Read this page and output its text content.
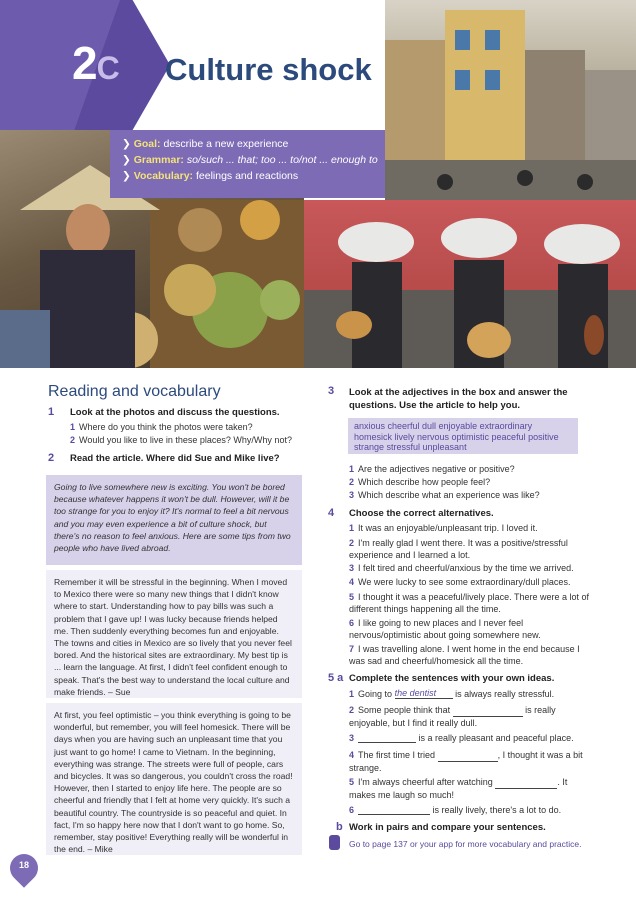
2C Culture shock
❯ Goal: describe a new experience
❯ Grammar: so/such ... that; too ... to/not ... enough to
❯ Vocabulary: feelings and reactions
Reading and vocabulary
1 Look at the photos and discuss the questions.
1 Where do you think the photos were taken?
2 Would you like to live in these places? Why/Why not?
2 Read the article. Where did Sue and Mike live?
Going to live somewhere new is exciting. You won't be bored because whatever happens it won't be dull. However, will it be too strange for you to enjoy it? It's normal to feel a bit nervous and you may even experience a bit of culture shock, but there's no reason to feel anxious. Here are some tips from two people who have lived abroad.
Remember it will be stressful in the beginning. When I moved to Mexico there were so many new things that I didn't know where to start. Understanding how to pay bills was such a problem that I gave up! I was lucky because friends helped me. Then suddenly everything becomes fun and enjoyable. The towns and cities in Mexico are so lively that you never feel bored. And the historical sites are extraordinary. My best tip is ... learn the language. At first, I didn't feel confident enough to speak. That's the best way to understand the local culture and make friends. – Sue
At first, you feel optimistic – you think everything is going to be wonderful, but remember, you will feel homesick. There will be days when you are having such an unpleasant time that you just want to go home! I came to Vietnam. In the beginning, everything was strange. The streets were full of people, cars and bicycles. It was so dangerous, you couldn't cross the road! However, then I started to enjoy life here. The people are so cheerful and friendly that I felt at home very quickly. It's such a beautiful country. The countryside is so peaceful and quiet. In fact, I'm so happy here now that I don't want to go home. So, remember, stay positive! Everything really will be wonderful in the end. – Mike
3 Look at the adjectives in the box and answer the questions. Use the article to help you.
anxious cheerful dull enjoyable extraordinary homesick lively nervous optimistic peaceful positive strange stressful unpleasant
1 Are the adjectives negative or positive?
2 Which describe how people feel?
3 Which describe what an experience was like?
4 Choose the correct alternatives.
1 It was an enjoyable/unpleasant trip. I loved it.
2 I'm really glad I went there. It was a positive/stressful experience and I learned a lot.
3 I felt tired and cheerful/anxious by the time we arrived.
4 We were lucky to see some extraordinary/dull places.
5 I thought it was a peaceful/lively place. There were a lot of different things happening all the time.
6 I like going to new places and I never feel nervous/optimistic about going somewhere new.
7 I was travelling alone. I went home in the end because I was sad and cheerful/homesick all the time.
5 a Complete the sentences with your own ideas.
1 Going to the dentist is always really stressful.
2 Some people think that	is really enjoyable, but I find it really dull.
3	is a really pleasant and peaceful place.
4 The first time I tried	, I thought it was a bit strange.
5 I'm always cheerful after watching	. It makes me laugh so much!
6	is really lively, there's a lot to do.
b Work in pairs and compare your sentences.
Go to page 137 or your app for more vocabulary and practice.
18
